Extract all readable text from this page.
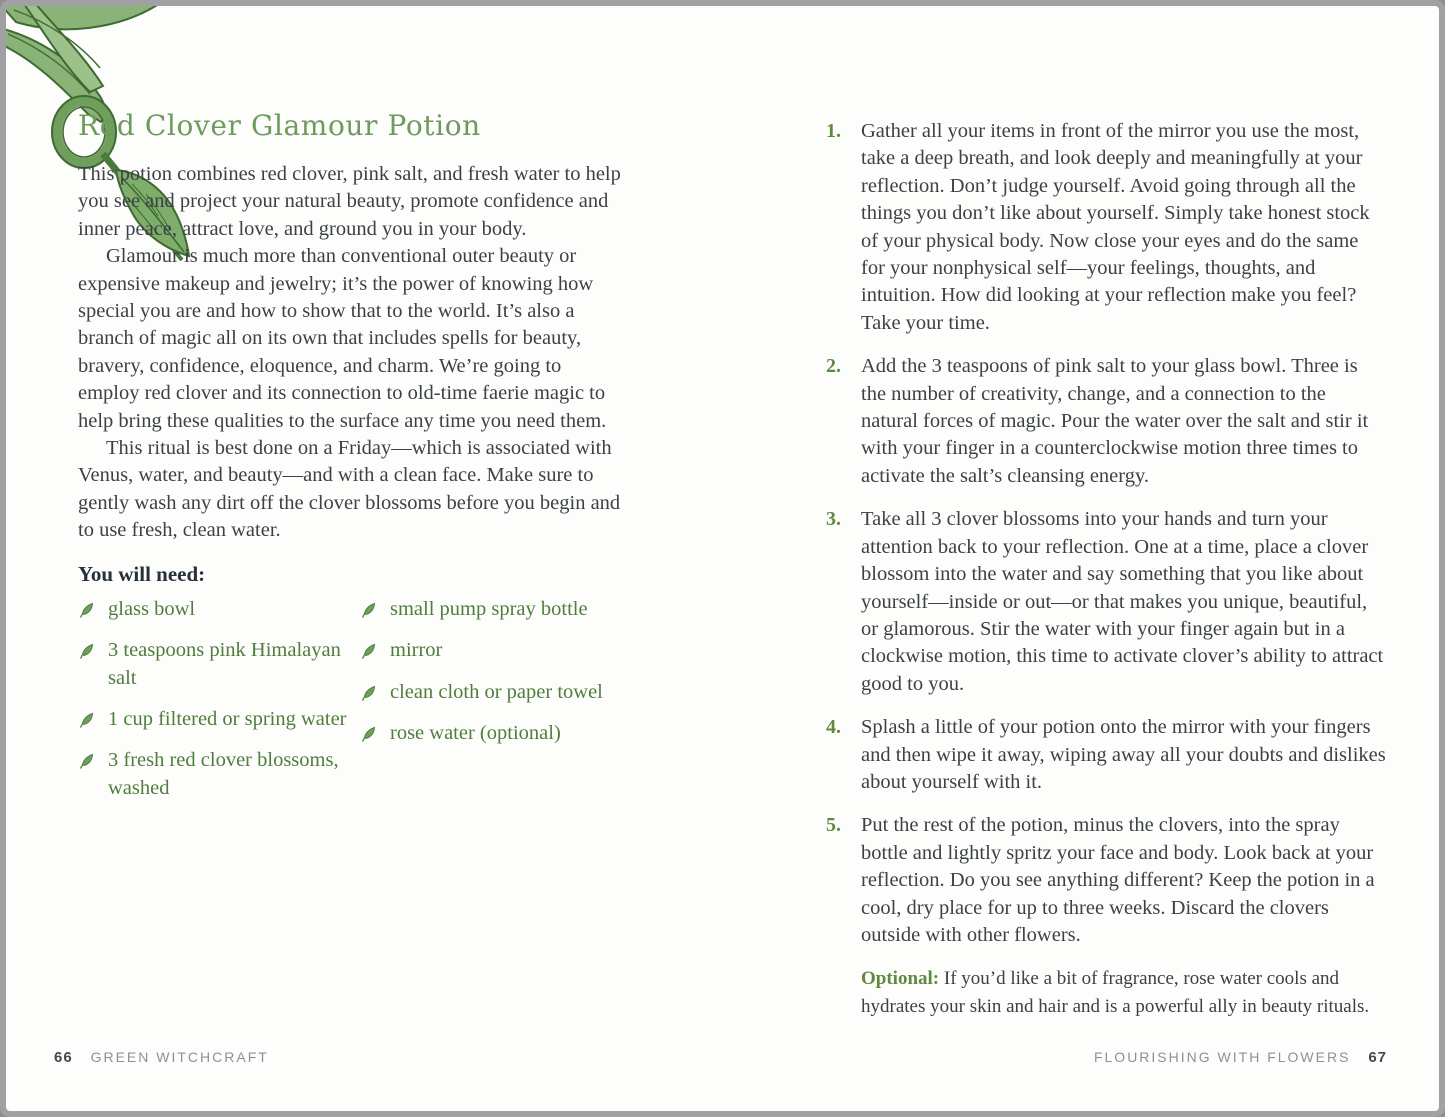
Red Clover Glamour Potion

This potion combines red clover, pink salt, and fresh water to help you see and project your natural beauty, promote confidence and inner peace, attract love, and ground you in your body.

Glamour is much more than conventional outer beauty or expensive makeup and jewelry; it’s the power of knowing how special you are and how to show that to the world. It’s also a branch of magic all on its own that includes spells for beauty, bravery, confidence, eloquence, and charm. We’re going to employ red clover and its connection to old-time faerie magic to help bring these qualities to the surface any time you need them.

This ritual is best done on a Friday—which is associated with Venus, water, and beauty—and with a clean face. Make sure to gently wash any dirt off the clover blossoms before you begin and to use fresh, clean water.

You will need:
glass bowl
3 teaspoons pink Himalayan salt
1 cup filtered or spring water
3 fresh red clover blossoms, washed
small pump spray bottle
mirror
clean cloth or paper towel
rose water (optional)
1. Gather all your items in front of the mirror you use the most, take a deep breath, and look deeply and meaningfully at your reflection. Don’t judge yourself. Avoid going through all the things you don’t like about yourself. Simply take honest stock of your physical body. Now close your eyes and do the same for your nonphysical self—your feelings, thoughts, and intuition. How did looking at your reflection make you feel? Take your time.
2. Add the 3 teaspoons of pink salt to your glass bowl. Three is the number of creativity, change, and a connection to the natural forces of magic. Pour the water over the salt and stir it with your finger in a counterclockwise motion three times to activate the salt’s cleansing energy.
3. Take all 3 clover blossoms into your hands and turn your attention back to your reflection. One at a time, place a clover blossom into the water and say something that you like about yourself—inside or out—or that makes you unique, beautiful, or glamorous. Stir the water with your finger again but in a clockwise motion, this time to activate clover’s ability to attract good to you.
4. Splash a little of your potion onto the mirror with your fingers and then wipe it away, wiping away all your doubts and dislikes about yourself with it.
5. Put the rest of the potion, minus the clovers, into the spray bottle and lightly spritz your face and body. Look back at your reflection. Do you see anything different? Keep the potion in a cool, dry place for up to three weeks. Discard the clovers outside with other flowers.

Optional: If you’d like a bit of fragrance, rose water cools and hydrates your skin and hair and is a powerful ally in beauty rituals.

66 GREEN WITCHCRAFT	FLOURISHING WITH FLOWERS 67
